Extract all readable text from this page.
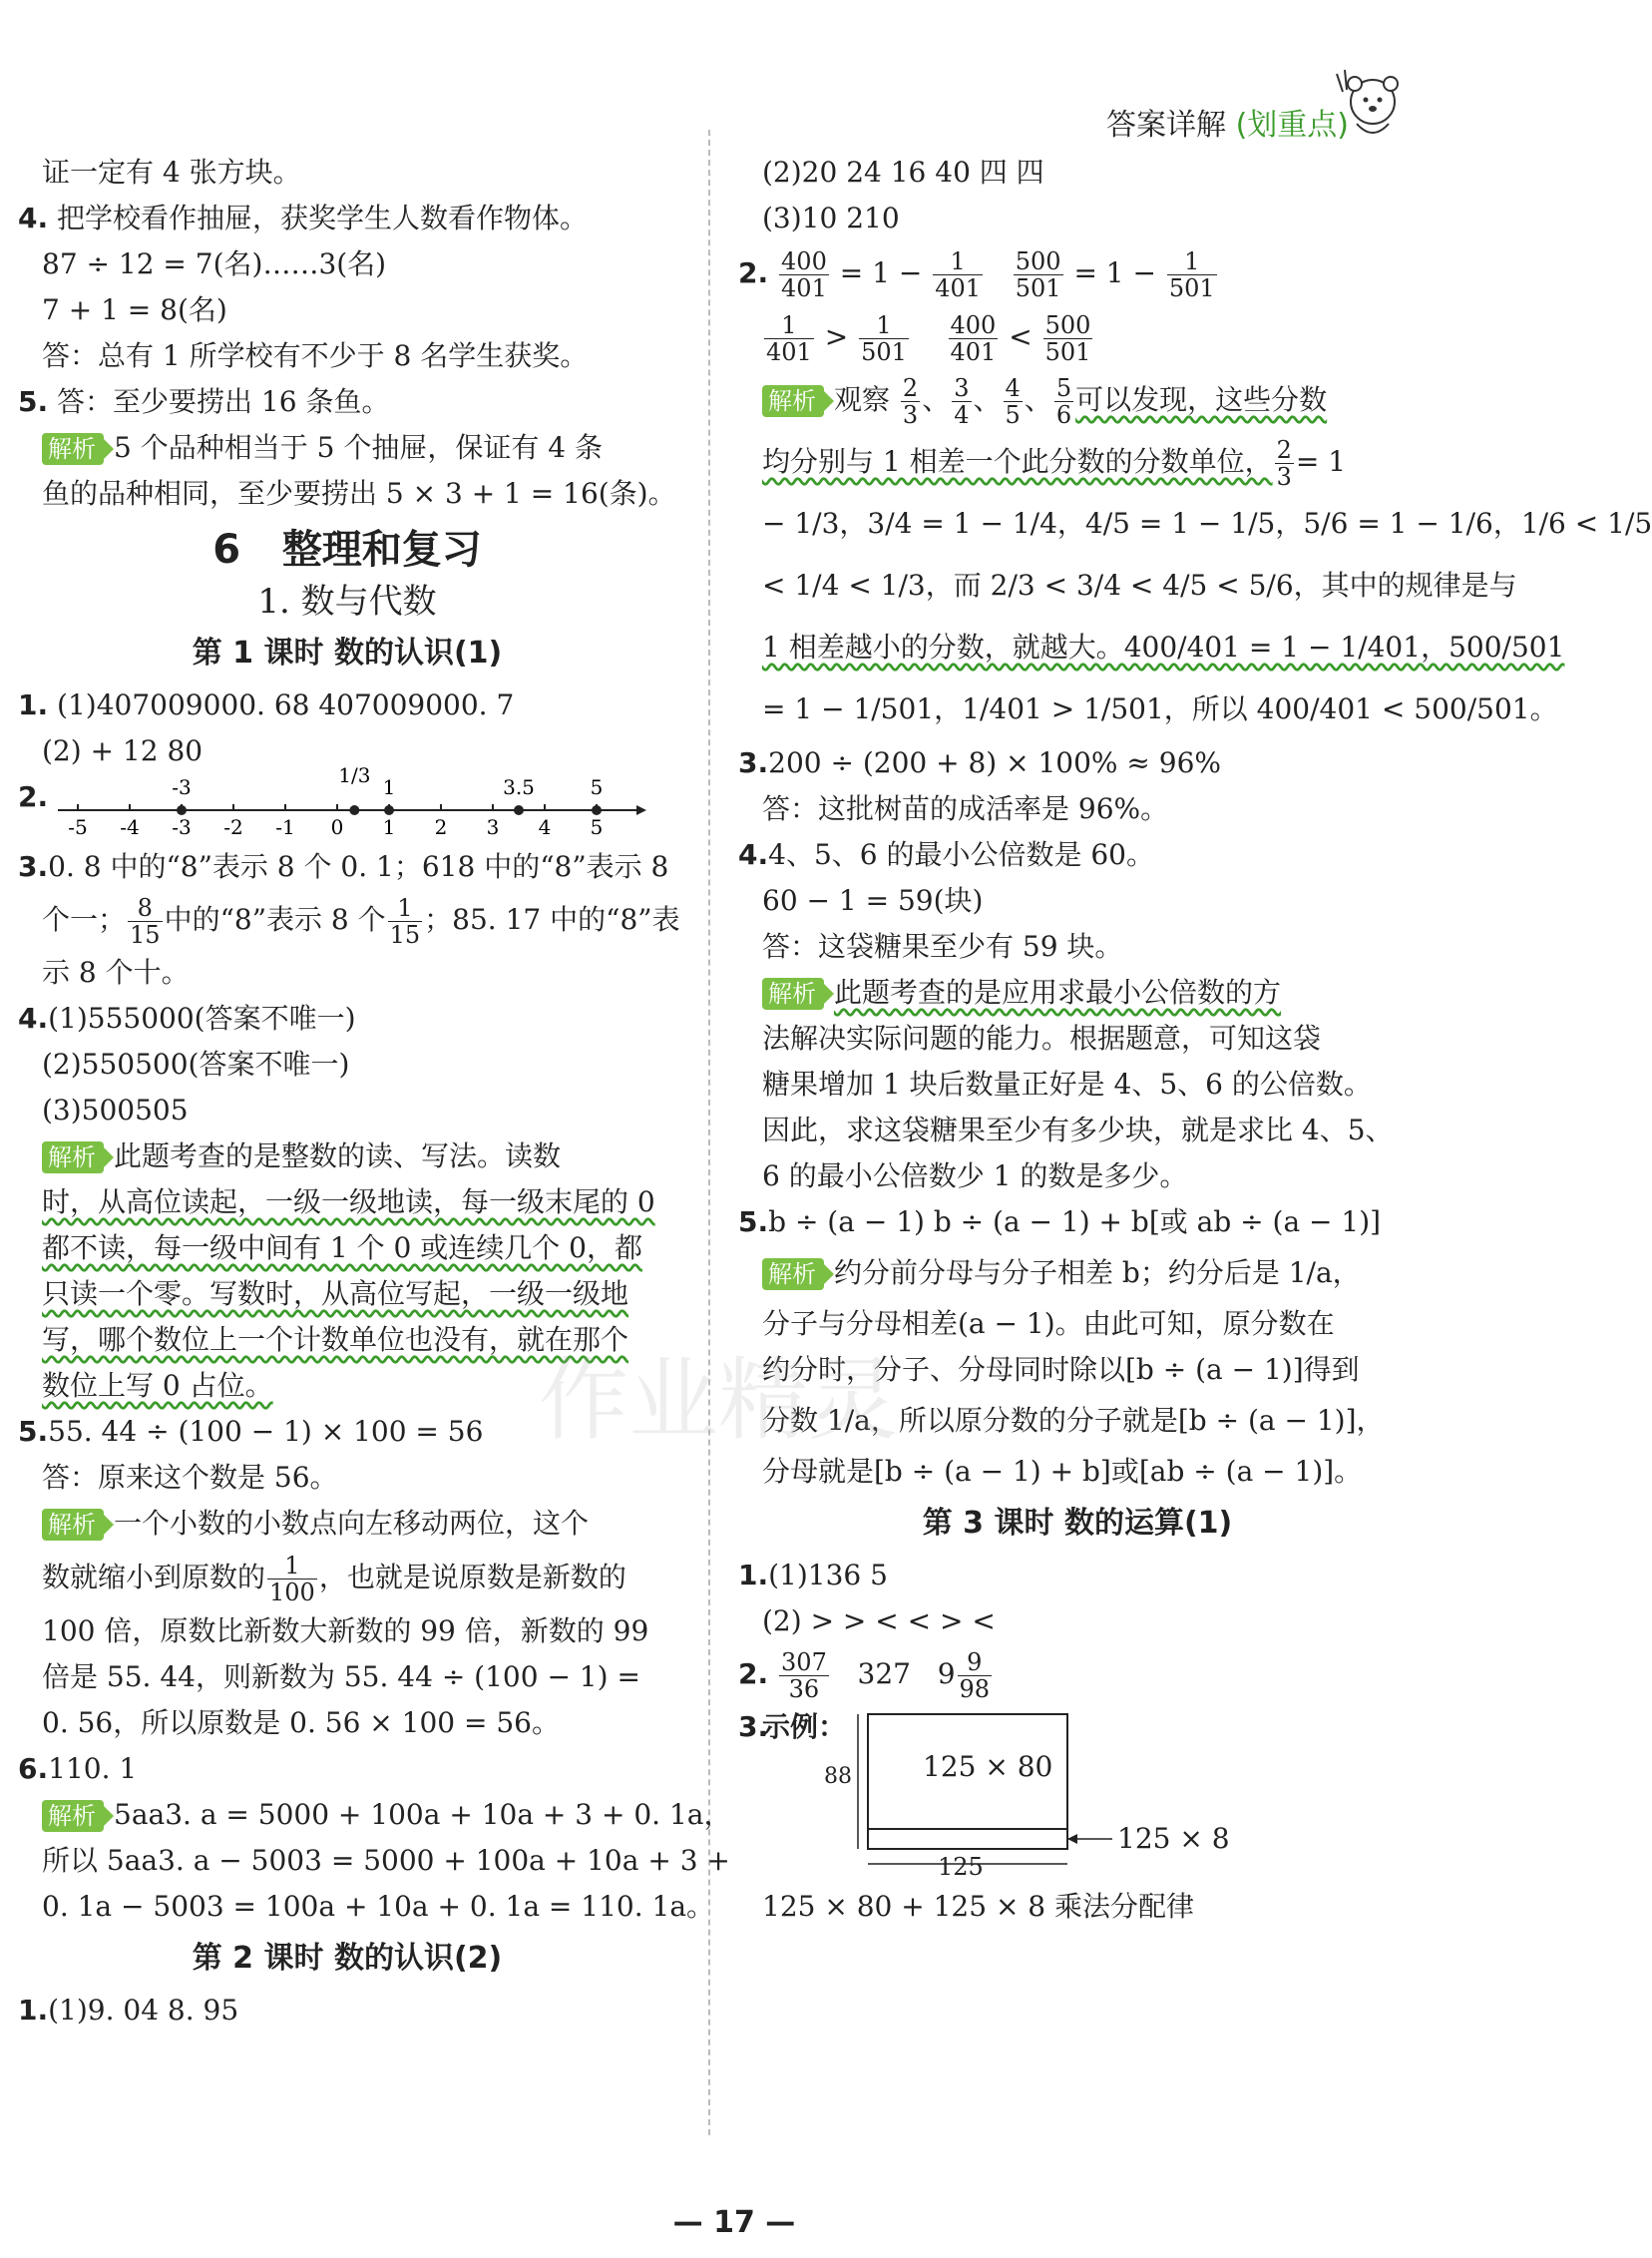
答案详解 (划重点)
证一定有 4 张方块。
4. 把学校看作抽屉，获奖学生人数看作物体。
87 ÷ 12 = 7(名)……3(名)
7 + 1 = 8(名)
答：总有 1 所学校有不少于 8 名学生获奖。
5. 答：至少要捞出 16 条鱼。
解析 5 个品种相当于 5 个抽屉，保证有 4 条
鱼的品种相同，至少要捞出 5 × 3 + 1 = 16(条)。
6 整理和复习
1. 数与代数
第 1 课时 数的认识(1)
1. (1)407009000. 68 407009000. 7
(2) + 12 80
2.
-5 -4 -3 -2 -1 0 1 2 3 4 5
-3	1/3 1	3.5	5
3.0. 8 中的“8”表示 8 个 0. 1；618 中的“8”表示 8
个一； $\frac{8}{15}$ 中的“8”表示 8 个 $\frac{1}{15}$ ；85. 17 中的“8”表
示 8 个十。
4.(1)555000(答案不唯一)
(2)550500(答案不唯一)
(3)500505
解析 此题考查的是整数的读、写法。读数
时，从高位读起，一级一级地读，每一级末尾的 0
都不读，每一级中间有 1 个 0 或连续几个 0，都
只读一个零。写数时，从高位写起，一级一级地
写，哪个数位上一个计数单位也没有，就在那个
数位上写 0 占位。
5.55. 44 ÷ (100 − 1) × 100 = 56
答：原来这个数是 56。
解析 一个小数的小数点向左移动两位，这个
数就缩小到原数的 $\frac{1}{100}$ ，也就是说原数是新数的
100 倍，原数比新数大新数的 99 倍，新数的 99
倍是 55. 44，则新数为 55. 44 ÷ (100 − 1) =
0. 56，所以原数是 0. 56 × 100 = 56。
6.110. 1
解析 5aa3. a = 5000 + 100a + 10a + 3 + 0. 1a，
所以 5aa3. a − 5003 = 5000 + 100a + 10a + 3 +
0. 1a − 5003 = 100a + 10a + 0. 1a = 110. 1a。
第 2 课时 数的认识(2)
1.(1)9. 04 8. 95
(2)20 24 16 40 四 四
(3)10 210
2. $\frac{400}{401} = 1 - \frac{1}{401}$
$\frac{500}{501} = 1 - \frac{1}{501}$
$\frac{1}{401} > \frac{1}{501}$
$\frac{400}{401} < \frac{500}{501}$
解析 观察 $\frac{2}{3}$ 、 $\frac{3}{4}$ 、 $\frac{4}{5}$ 、 $\frac{5}{6}$ 可以发现，这些分数
均分别与 1 相差一个此分数的分数单位， $\frac{2}{3} = 1$
− 1/3，3/4 = 1 − 1/4，4/5 = 1 − 1/5，5/6 = 1 − 1/6，1/6 < 1/5
< 1/4 < 1/3，而 2/3 < 3/4 < 4/5 < 5/6，其中的规律是与
1 相差越小的分数，就越大。400/401 = 1 − 1/401，500/501
= 1 − 1/501，1/401 > 1/501，所以 400/401 < 500/501。
3.200 ÷ (200 + 8) × 100% ≈ 96%
答：这批树苗的成活率是 96%。
4.4、5、6 的最小公倍数是 60。
60 − 1 = 59(块)
答：这袋糖果至少有 59 块。
解析 此题考查的是应用求最小公倍数的方
法解决实际问题的能力。根据题意，可知这袋
糖果增加 1 块后数量正好是 4、5、6 的公倍数。
因此，求这袋糖果至少有多少块，就是求比 4、5、
6 的最小公倍数少 1 的数是多少。
5.b ÷ (a − 1) b ÷ (a − 1) + b[或 ab ÷ (a − 1)]
解析 约分前分母与分子相差 b；约分后是 1/a，
分子与分母相差(a − 1)。由此可知，原分数在
约分时，分子、分母同时除以[b ÷ (a − 1)]得到
分数 1/a，所以原分数的分子就是[b ÷ (a − 1)]，
分母就是[b ÷ (a − 1) + b]或[ab ÷ (a − 1)]。
第 3 课时 数的运算(1)
1.(1)136 5
(2) > > < < > <
2. $\frac{307}{36} 327$ $9 \frac{9}{98}$
3.
示例：
125 × 80
88
125
125 × 8
125 × 80 + 125 × 8 乘法分配律
作业精灵
— 17 —
